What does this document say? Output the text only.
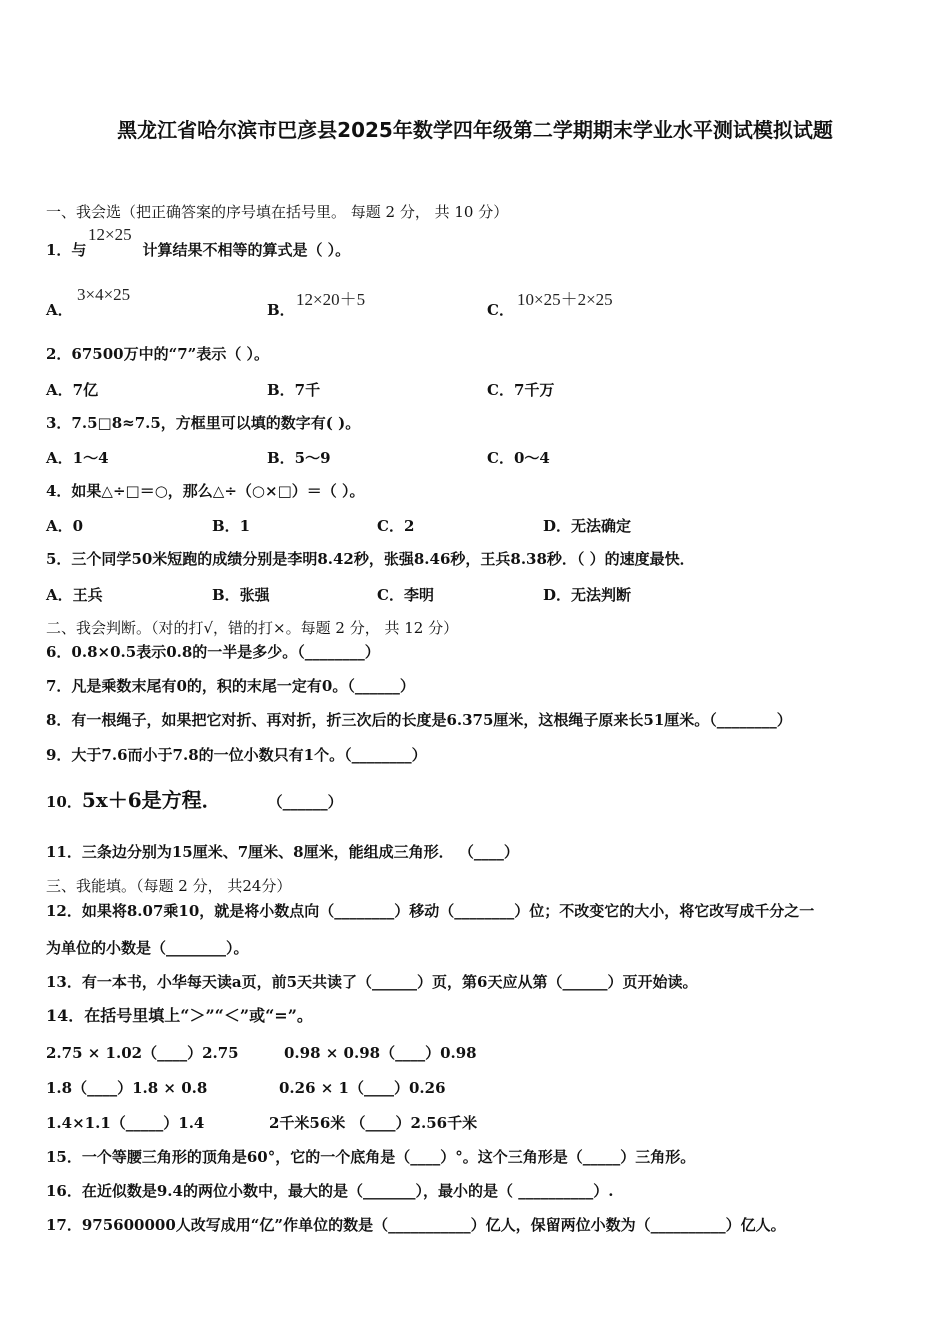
黑龙江省哈尔滨市巴彦县2025年数学四年级第二学期期末学业水平测试模拟试题
一、我会选（把正确答案的序号填在括号里。 每题 2 分， 共 10 分）
1．与	计算结果不相等的算式是（ ）。
12×25
A．
3×4×25
B．
12×20＋5
C．
10×25＋2×25
2．67500万中的“7”表示（ ）。
A．7亿	B．7千	C．7千万
3．7.5□8≈7.5，方框里可以填的数字有( )。
A．1～4	B．5～9	C．0～4
4．如果△÷□＝○，那么△÷（○×□）＝（ ）。
A．0	B．1	C．2	D．无法确定
5．三个同学50米短跑的成绩分别是李明8.42秒，张强8.46秒，王兵8.38秒．（ ）的速度最快．
A．王兵	B．张强	C．李明	D．无法判断
二、我会判断。（对的打√，错的打×。每题 2 分， 共 12 分）
6．0.8×0.5表示0.8的一半是多少。（________）
7．凡是乘数末尾有0的，积的末尾一定有0。（______）
8．有一根绳子，如果把它对折、再对折，折三次后的长度是6.375厘米，这根绳子原来长51厘米。（________）
9．大于7.6而小于7.8的一位小数只有1个。（________）
10．5x＋6是方程．	（______）
11．三条边分别为15厘米、7厘米、8厘米，能组成三角形． （____）
三、我能填。（每题 2 分， 共24分）
12．如果将8.07乘10，就是将小数点向（________）移动（________）位；不改变它的大小，将它改写成千分之一
为单位的小数是（________）。
13．有一本书，小华每天读a页，前5天共读了（______）页，第6天应从第（______）页开始读。
14．在括号里填上“＞”“＜”或“=”。
2.75 × 1.02（____）2.75	0.98 × 0.98（____）0.98
1.8（____）1.8 × 0.8	0.26 × 1（____）0.26
1.4×1.1（_____）1.4	2千米56米 （____）2.56千米
15．一个等腰三角形的顶角是60°，它的一个底角是（____）°。这个三角形是（_____）三角形。
16．在近似数是9.4的两位小数中，最大的是（_______），最小的是（ __________）.
17．975600000人改写成用“亿”作单位的数是（___________）亿人，保留两位小数为（__________）亿人。
